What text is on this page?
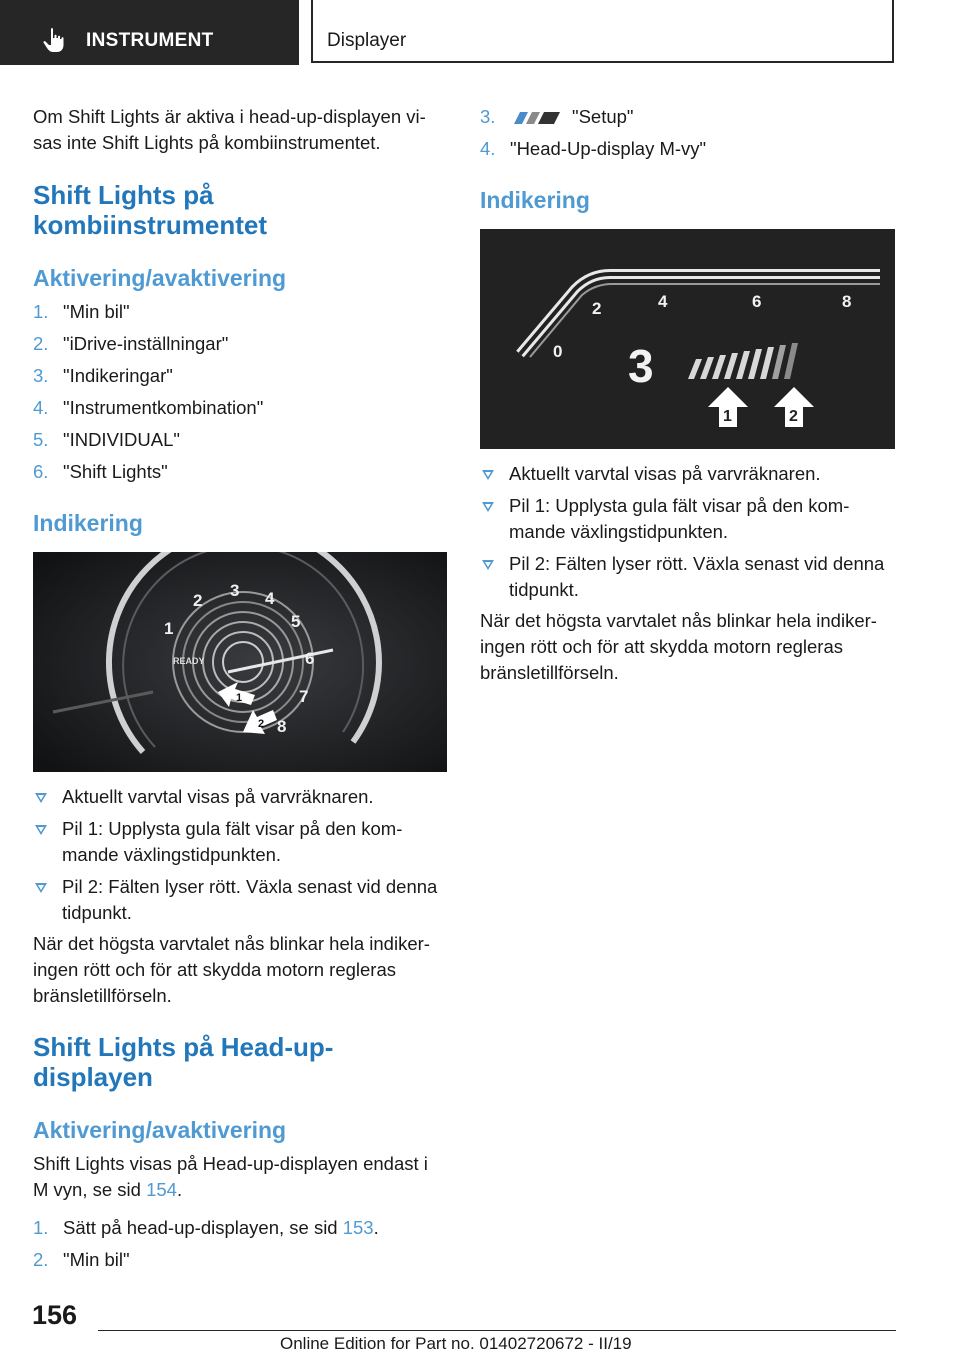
INSTRUMENT	Displayer

Om Shift Lights är aktiva i head-up-displayen vi-

sas inte Shift Lights på kombiinstrumentet.

Shift Lights på

kombiinstrumentet

Aktivering/avaktivering

1. "Min bil"
2. "iDrive-inställningar"
3. "Indikeringar"
4. "Instrumentkombination"
5. "INDIVIDUAL"
6. "Shift Lights"

Indikering

READY
1
2
3 4
5
6
7
8
1
2
Aktuellt varvtal visas på varvräknaren.
Pil 1: Upplysta gula fält visar på den kom-
mande växlingstidpunkten.
Pil 2: Fälten lyser rött. Växla senast vid denna
tidpunkt.

När det högsta varvtalet nås blinkar hela indiker-

ingen rött och för att skydda motorn regleras

bränsletillförseln.

Shift Lights på Head-up-

displayen

Aktivering/avaktivering

Shift Lights visas på Head-up-displayen endast i

M vyn, se sid 154.

1. Sätt på head-up-displayen, se sid 153.
2. "Min bil"
3.	"Setup"
4. "Head-Up-display M-vy"

Indikering

0
2	4	6	8
3
1	2
Aktuellt varvtal visas på varvräknaren.
Pil 1: Upplysta gula fält visar på den kom-
mande växlingstidpunkten.
Pil 2: Fälten lyser rött. Växla senast vid denna
tidpunkt.

När det högsta varvtalet nås blinkar hela indiker-

ingen rött och för att skydda motorn regleras

bränsletillförseln.

156
Online Edition for Part no. 01402720672 - II/19
